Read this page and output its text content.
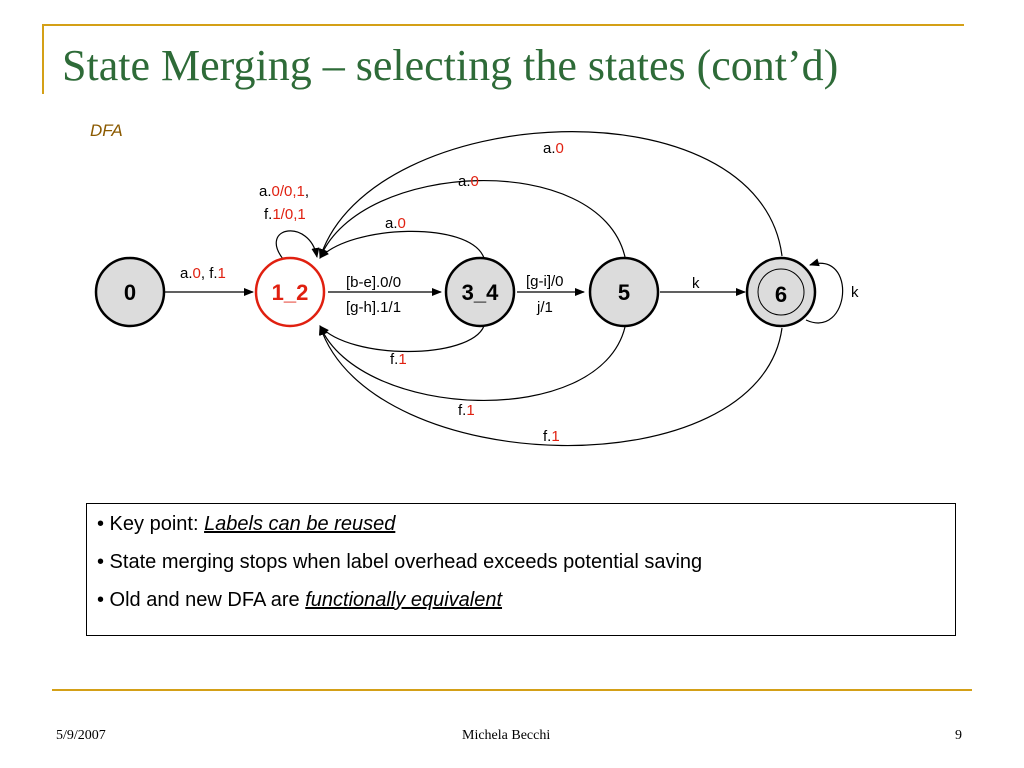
State Merging – selecting the states (cont’d)
DFA
0	1_2	3_4	5	6
a.0, f.1
[b-e].0/0
[g-h].1/1
[g-i]/0
j/1
k
k
a.0/0,1,
f.1/0,1
a.0
a.0
a.0
f.1
f.1
f.1

• Key point: Labels can be reused

• State merging stops when label overhead exceeds potential saving

• Old and new DFA are functionally equivalent

5/9/2007	Michela Becchi	9
